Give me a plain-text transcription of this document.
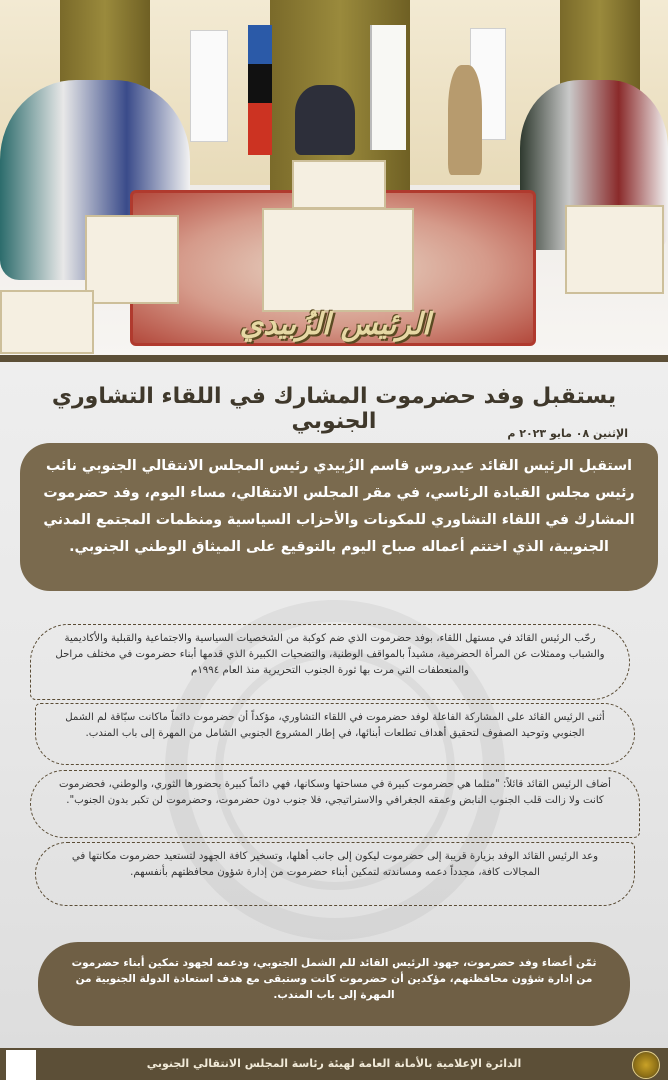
الرئيس الزُبيدي
يستقبل وفد حضرموت المشارك في اللقاء التشاوري الجنوبي	الإثنين ٠٨ مايو ٢٠٢٣ م
استقبل الرئيس القائد عيدروس قاسم الزُبيدي رئيس المجلس الانتقالي الجنوبي نائب رئيس مجلس القيادة الرئاسي، في مقر المجلس الانتقالي، مساء اليوم، وفد حضرموت المشارك في اللقاء التشاوري للمكونات والأحزاب السياسية ومنظمات المجتمع المدني الجنوبية، الذي اختتم أعماله صباح اليوم بالتوقيع على الميثاق الوطني الجنوبي.
رحّب الرئيس القائد في مستهل اللقاء، بوفد حضرموت الذي ضم كوكبة من الشخصيات السياسية والاجتماعية والقبلية والأكاديمية والشباب وممثلات عن المرأة الحضرمية، مشيداً بالمواقف الوطنية، والتضحيات الكبيرة الذي قدمها أبناء حضرموت في مختلف مراحل والمنعطفات التي مرت بها ثورة الجنوب التحريرية منذ العام ١٩٩٤م
أثنى الرئيس القائد على المشاركة الفاعلة لوفد حضرموت في اللقاء التشاوري، مؤكداً أن حضرموت دائماً ماكانت سبّاقة لم الشمل الجنوبي وتوحيد الصفوف لتحقيق أهداف تطلعات أبنائها، في إطار المشروع الجنوبي الشامل من المهرة إلى باب المندب.
أضاف الرئيس القائد قائلاً: "مثلما هي حضرموت كبيرة في مساحتها وسكانها، فهي دائماً كبيرة بحضورها الثوري، والوطني، فحضرموت كانت ولا زالت قلب الجنوب النابض وعمقه الجغرافي والاستراتيجي، فلا جنوب دون حضرموت، وحضرموت لن تكبر بدون الجنوب".
وعد الرئيس القائد الوفد بزيارة قريبة إلى حضرموت ليكون إلى جانب أهلها، وتسخير كافة الجهود لتستعيد حضرموت مكانتها في المجالات كافة، مجدداً دعمه ومساندته لتمكين أبناء حضرموت من إدارة شؤون محافظتهم بأنفسهم.
ثمّن أعضاء وفد حضرموت، جهود الرئيس القائد للم الشمل الجنوبي، ودعمه لجهود تمكين أبناء حضرموت من إدارة شؤون محافظتهم، مؤكدين أن حضرموت كانت وستبقى مع هدف استعادة الدولة الجنوبية من المهرة إلى باب المندب.
الدائرة الإعلامية بالأمانة العامة لهيئة رئاسة المجلس الانتقالي الجنوبي
